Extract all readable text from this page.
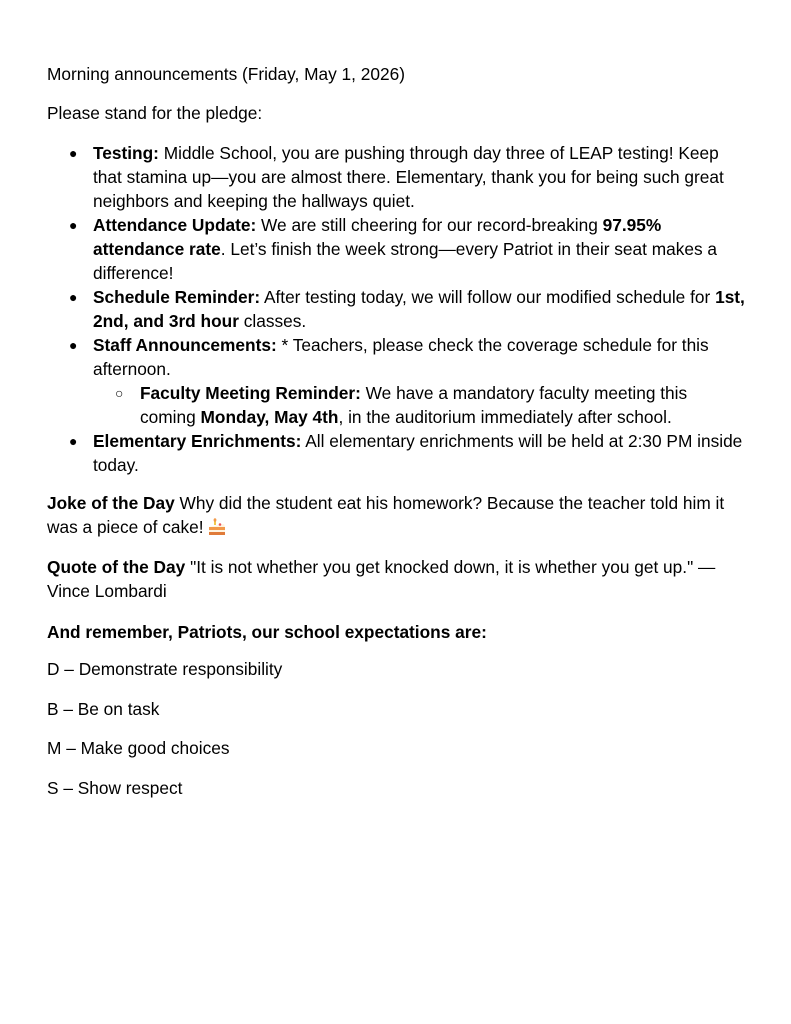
Morning announcements (Friday, May 1, 2026)

Please stand for the pledge:

● Testing: Middle School, you are pushing through day three of LEAP testing! Keep that stamina up—you are almost there. Elementary, thank you for being such great neighbors and keeping the hallways quiet.
● Attendance Update: We are still cheering for our record-breaking 97.95% attendance rate. Let’s finish the week strong—every Patriot in their seat makes a difference!
● Schedule Reminder: After testing today, we will follow our modified schedule for 1st, 2nd, and 3rd hour classes.
● Staff Announcements: * Teachers, please check the coverage schedule for this afternoon.
○ Faculty Meeting Reminder: We have a mandatory faculty meeting this coming Monday, May 4th, in the auditorium immediately after school.
● Elementary Enrichments: All elementary enrichments will be held at 2:30 PM inside today.

Joke of the Day Why did the student eat his homework? Because the teacher told him it was a piece of cake!

Quote of the Day "It is not whether you get knocked down, it is whether you get up." — Vince Lombardi

And remember, Patriots, our school expectations are:

D – Demonstrate responsibility

B – Be on task

M – Make good choices

S – Show respect
